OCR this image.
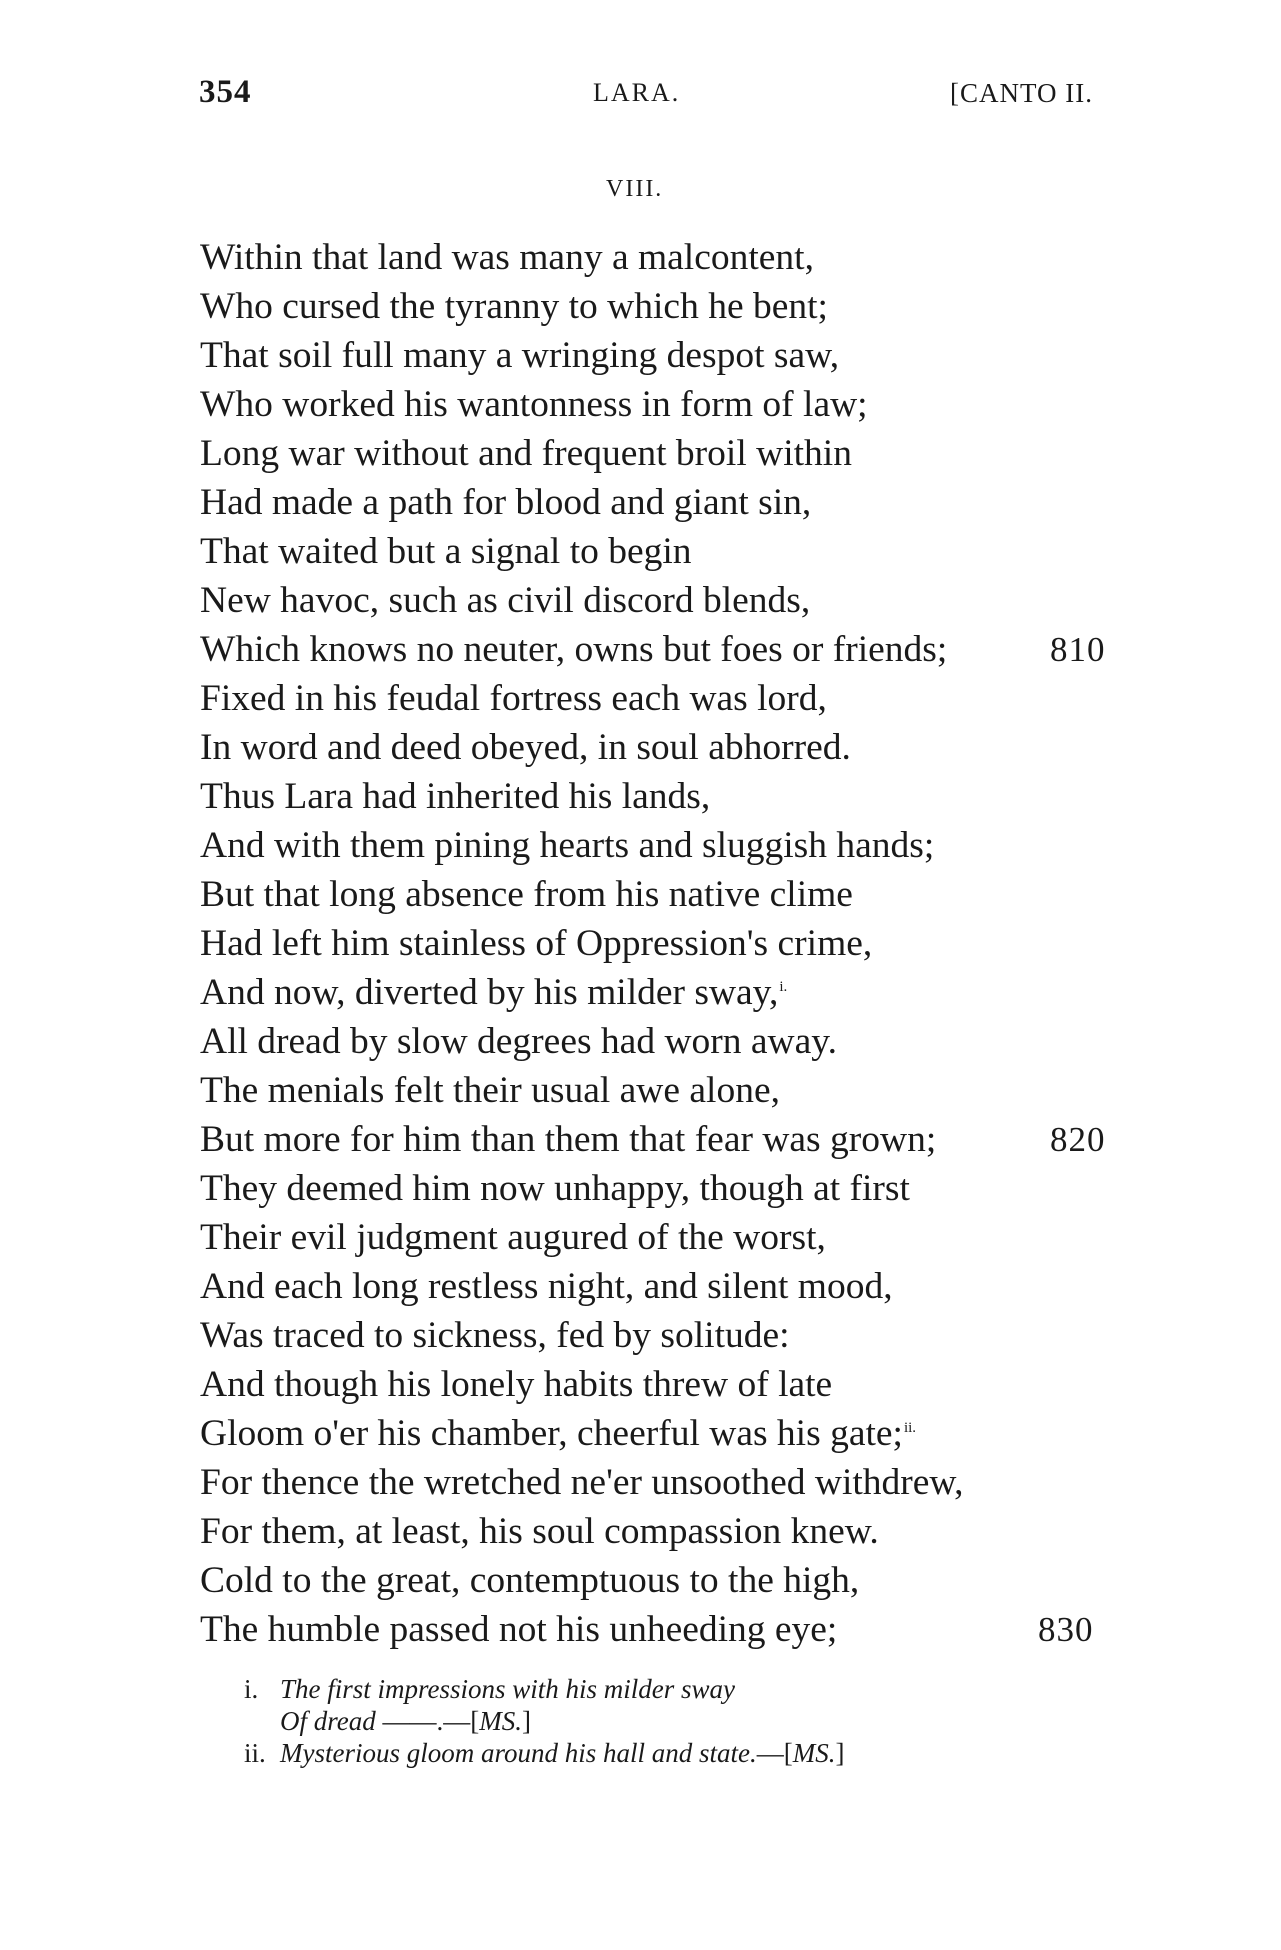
354	LARA.	[CANTO II.
VIII.
Within that land was many a malcontent,
Who cursed the tyranny to which he bent;
That soil full many a wringing despot saw,
Who worked his wantonness in form of law;
Long war without and frequent broil within
Had made a path for blood and giant sin,
That waited but a signal to begin
New havoc, such as civil discord blends,
Which knows no neuter, owns but foes or friends;	810
Fixed in his feudal fortress each was lord,
In word and deed obeyed, in soul abhorred.
Thus Lara had inherited his lands,
And with them pining hearts and sluggish hands;
But that long absence from his native clime
Had left him stainless of Oppression's crime,
And now, diverted by his milder sway,$^{i.}$
All dread by slow degrees had worn away.
The menials felt their usual awe alone,
But more for him than them that fear was grown;	820
They deemed him now unhappy, though at first
Their evil judgment augured of the worst,
And each long restless night, and silent mood,
Was traced to sickness, fed by solitude:
And though his lonely habits threw of late
Gloom o'er his chamber, cheerful was his gate;$^{ii.}$
For thence the wretched ne'er unsoothed withdrew,
For them, at least, his soul compassion knew.
Cold to the great, contemptuous to the high,
The humble passed not his unheeding eye;	830
i. The first impressions with his milder sway
Of dread ——.—[MS.]
ii. Mysterious gloom around his hall and state.—[MS.]
